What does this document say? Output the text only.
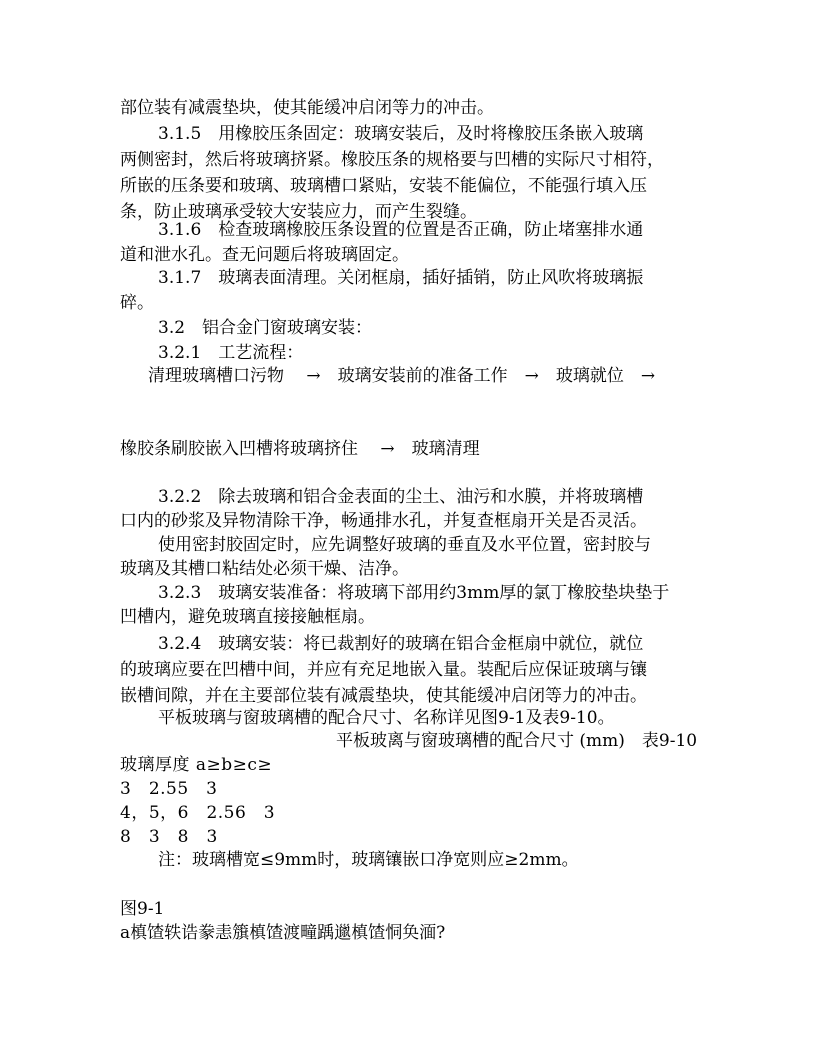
部位装有减震垫块，使其能缓冲启闭等力的冲击。
3.1.5　用橡胶压条固定：玻璃安装后，及时将橡胶压条嵌入玻璃
两侧密封，然后将玻璃挤紧。橡胶压条的规格要与凹槽的实际尺寸相符，
所嵌的压条要和玻璃、玻璃槽口紧贴，安装不能偏位，不能强行填入压
条，防止玻璃承受较大安装应力，而产生裂缝。
3.1.6　检查玻璃橡胶压条设置的位置是否正确，防止堵塞排水通
道和泄水孔。查无问题后将玻璃固定。
3.1.7　玻璃表面清理。关闭框扇，插好插销，防止风吹将玻璃振
碎。
3.2　铝合金门窗玻璃安装：
3.2.1　工艺流程：
清理玻璃槽口污物　 →　玻璃安装前的准备工作　→　玻璃就位　→
橡胶条刷胶嵌入凹槽将玻璃挤住　 →　玻璃清理
3.2.2　除去玻璃和铝合金表面的尘土、油污和水膜，并将玻璃槽
口内的砂浆及异物清除干净，畅通排水孔，并复查框扇开关是否灵活。
使用密封胶固定时，应先调整好玻璃的垂直及水平位置，密封胶与
玻璃及其槽口粘结处必须干燥、洁净。
3.2.3　玻璃安装准备：将玻璃下部用约3mm厚的氯丁橡胶垫块垫于
凹槽内，避免玻璃直接接触框扇。
3.2.4　玻璃安装：将已裁割好的玻璃在铝合金框扇中就位，就位
的玻璃应要在凹槽中间，并应有充足地嵌入量。装配后应保证玻璃与镶
嵌槽间隙，并在主要部位装有减震垫块，使其能缓冲启闭等力的冲击。
平板玻璃与窗玻璃槽的配合尺寸、名称详见图9-1及表9-10。
平板玻离与窗玻璃槽的配合尺寸 (mm)　表9-10
玻璃厚度 a≥b≥c≥
3　2.55　3
4，5，6　2.56　3
8　3　8　3
注：玻璃槽宽≤9mm时，玻璃镶嵌口净宽则应≥2mm。
图9-1
a槙馇轶诰豢恚籏槙馇渡疃踽邋槙馇恫奂湎?
